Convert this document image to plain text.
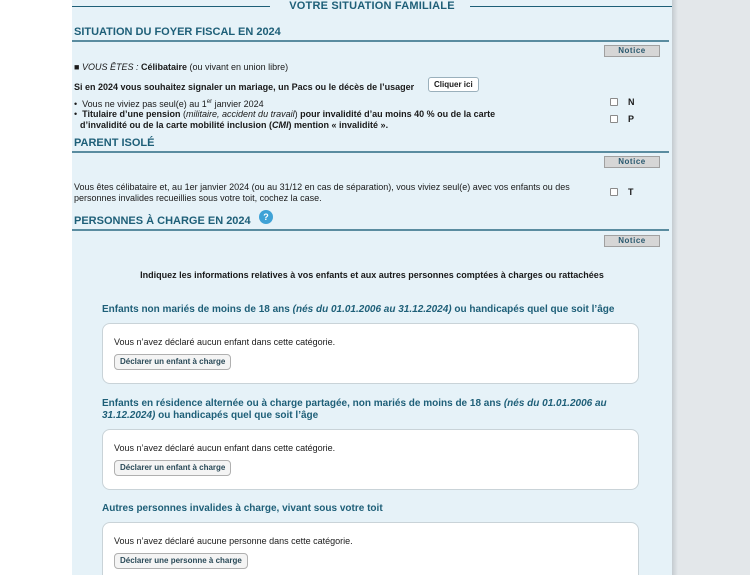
VOTRE SITUATION FAMILIALE
SITUATION DU FOYER FISCAL EN 2024
Notice
■ VOUS ÊTES : Célibataire (ou vivant en union libre)
Si en 2024 vous souhaitez signaler un mariage, un Pacs ou le décès de l’usager	Cliquer ici
• Vous ne viviez pas seul(e) au 1er janvier 2024	N
• Titulaire d’une pension (militaire, accident du travail) pour invalidité d’au moins 40 % ou de la carte
d’invalidité ou de la carte mobilité inclusion (CMI) mention « invalidité ».
P
PARENT ISOLÉ
Notice
Vous êtes célibataire et, au 1er janvier 2024 (ou au 31/12 en cas de séparation), vous viviez seul(e) avec vos enfants ou des
personnes invalides recueillies sous votre toit, cochez la case.
T
PERSONNES À CHARGE EN 2024	?
Notice
Indiquez les informations relatives à vos enfants et aux autres personnes comptées à charges ou rattachées
Enfants non mariés de moins de 18 ans (nés du 01.01.2006 au 31.12.2024) ou handicapés quel que soit l’âge
Vous n’avez déclaré aucun enfant dans cette catégorie.
Déclarer un enfant à charge
Enfants en résidence alternée ou à charge partagée, non mariés de moins de 18 ans (nés du 01.01.2006 au 31.12.2024) ou handicapés quel que soit l’âge
Vous n’avez déclaré aucun enfant dans cette catégorie.
Déclarer un enfant à charge
Autres personnes invalides à charge, vivant sous votre toit
Vous n’avez déclaré aucune personne dans cette catégorie.
Déclarer une personne à charge
